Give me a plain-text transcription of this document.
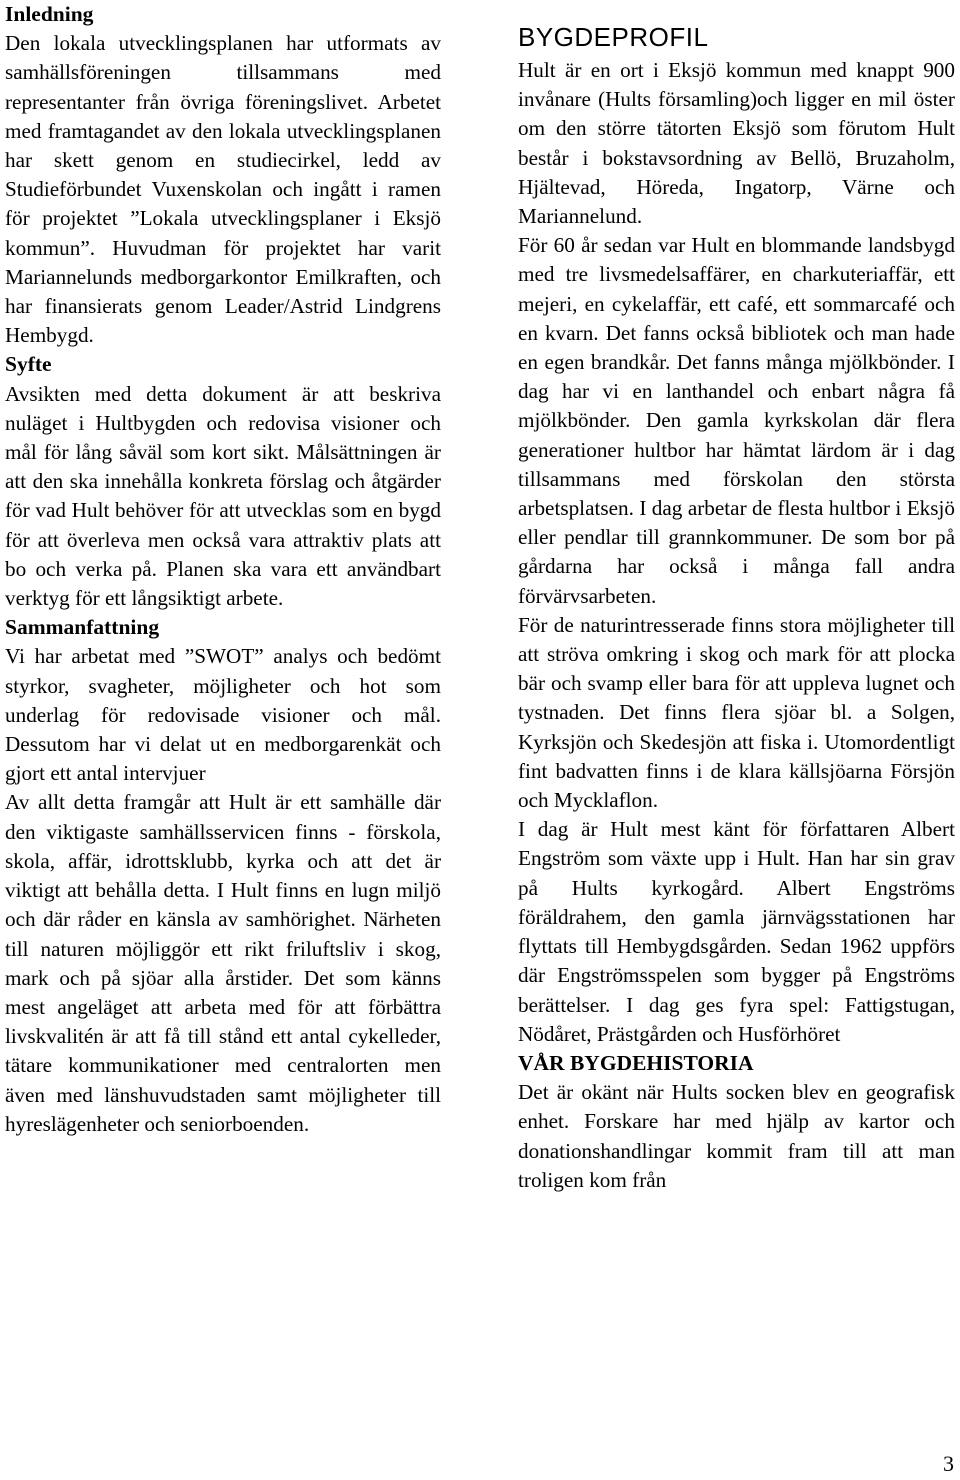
Inledning

Den lokala utvecklingsplanen har utformats av samhällsföreningen tillsammans med representanter från övriga föreningslivet. Arbetet med framtagandet av den lokala utvecklingsplanen har skett genom en studiecirkel, ledd av Studieförbundet Vuxenskolan och ingått i ramen för projektet ”Lokala utvecklingsplaner i Eksjö kommun”. Huvudman för projektet har varit Mariannelunds medborgarkontor Emilkraften, och har finansierats genom Leader/Astrid Lindgrens Hembygd.

Syfte

Avsikten med detta dokument är att beskriva nuläget i Hultbygden och redovisa visioner och mål för lång såväl som kort sikt. Målsättningen är att den ska innehålla konkreta förslag och åtgärder för vad Hult behöver för att utvecklas som en bygd för att överleva men också vara attraktiv plats att bo och verka på. Planen ska vara ett användbart verktyg för ett långsiktigt arbete.

Sammanfattning

Vi har arbetat med ”SWOT” analys och bedömt styrkor, svagheter, möjligheter och hot som underlag för redovisade visioner och mål. Dessutom har vi delat ut en medborgarenkät och gjort ett antal intervjuer

Av allt detta framgår att Hult är ett samhälle där den viktigaste samhällsservicen finns - förskola, skola, affär, idrottsklubb, kyrka och att det är viktigt att behålla detta. I Hult finns en lugn miljö och där råder en känsla av samhörighet. Närheten till naturen möjliggör ett rikt friluftsliv i skog, mark och på sjöar alla årstider. Det som känns mest angeläget att arbeta med för att förbättra livskvalitén är att få till stånd ett antal cykelleder, tätare kommunikationer med centralorten men även med länshuvudstaden samt möjligheter till hyreslägenheter och seniorboenden.

BYGDEPROFIL

Hult är en ort i Eksjö kommun med knappt 900 invånare (Hults församling)och ligger en mil öster om den större tätorten Eksjö som förutom Hult består i bokstavsordning av Bellö, Bruzaholm, Hjältevad, Höreda, Ingatorp, Värne och Mariannelund.

För 60 år sedan var Hult en blommande landsbygd med tre livsmedelsaffärer, en charkuteriaffär, ett mejeri, en cykelaffär, ett café, ett sommarcafé och en kvarn. Det fanns också bibliotek och man hade en egen brandkår. Det fanns många mjölkbönder. I dag har vi en lanthandel och enbart några få mjölkbönder. Den gamla kyrkskolan där flera generationer hultbor har hämtat lärdom är i dag tillsammans med förskolan den största arbetsplatsen. I dag arbetar de flesta hultbor i Eksjö eller pendlar till grannkommuner. De som bor på gårdarna har också i många fall andra förvärvsarbeten.

För de naturintresserade finns stora möjligheter till att ströva omkring i skog och mark för att plocka bär och svamp eller bara för att uppleva lugnet och tystnaden. Det finns flera sjöar bl. a Solgen, Kyrksjön och Skedesjön att fiska i. Utomordentligt fint badvatten finns i de klara källsjöarna Försjön och Mycklaflon.

I dag är Hult mest känt för författaren Albert Engström som växte upp i Hult. Han har sin grav på Hults kyrkogård. Albert Engströms föräldrahem, den gamla järnvägsstationen har flyttats till Hembygdsgården. Sedan 1962 uppförs där Engströmsspelen som bygger på Engströms berättelser. I dag ges fyra spel: Fattigstugan, Nödåret, Prästgården och Husförhöret

VÅR BYGDEHISTORIA

Det är okänt när Hults socken blev en geografisk enhet. Forskare har med hjälp av kartor och donationshandlingar kommit fram till att man troligen kom från

3
